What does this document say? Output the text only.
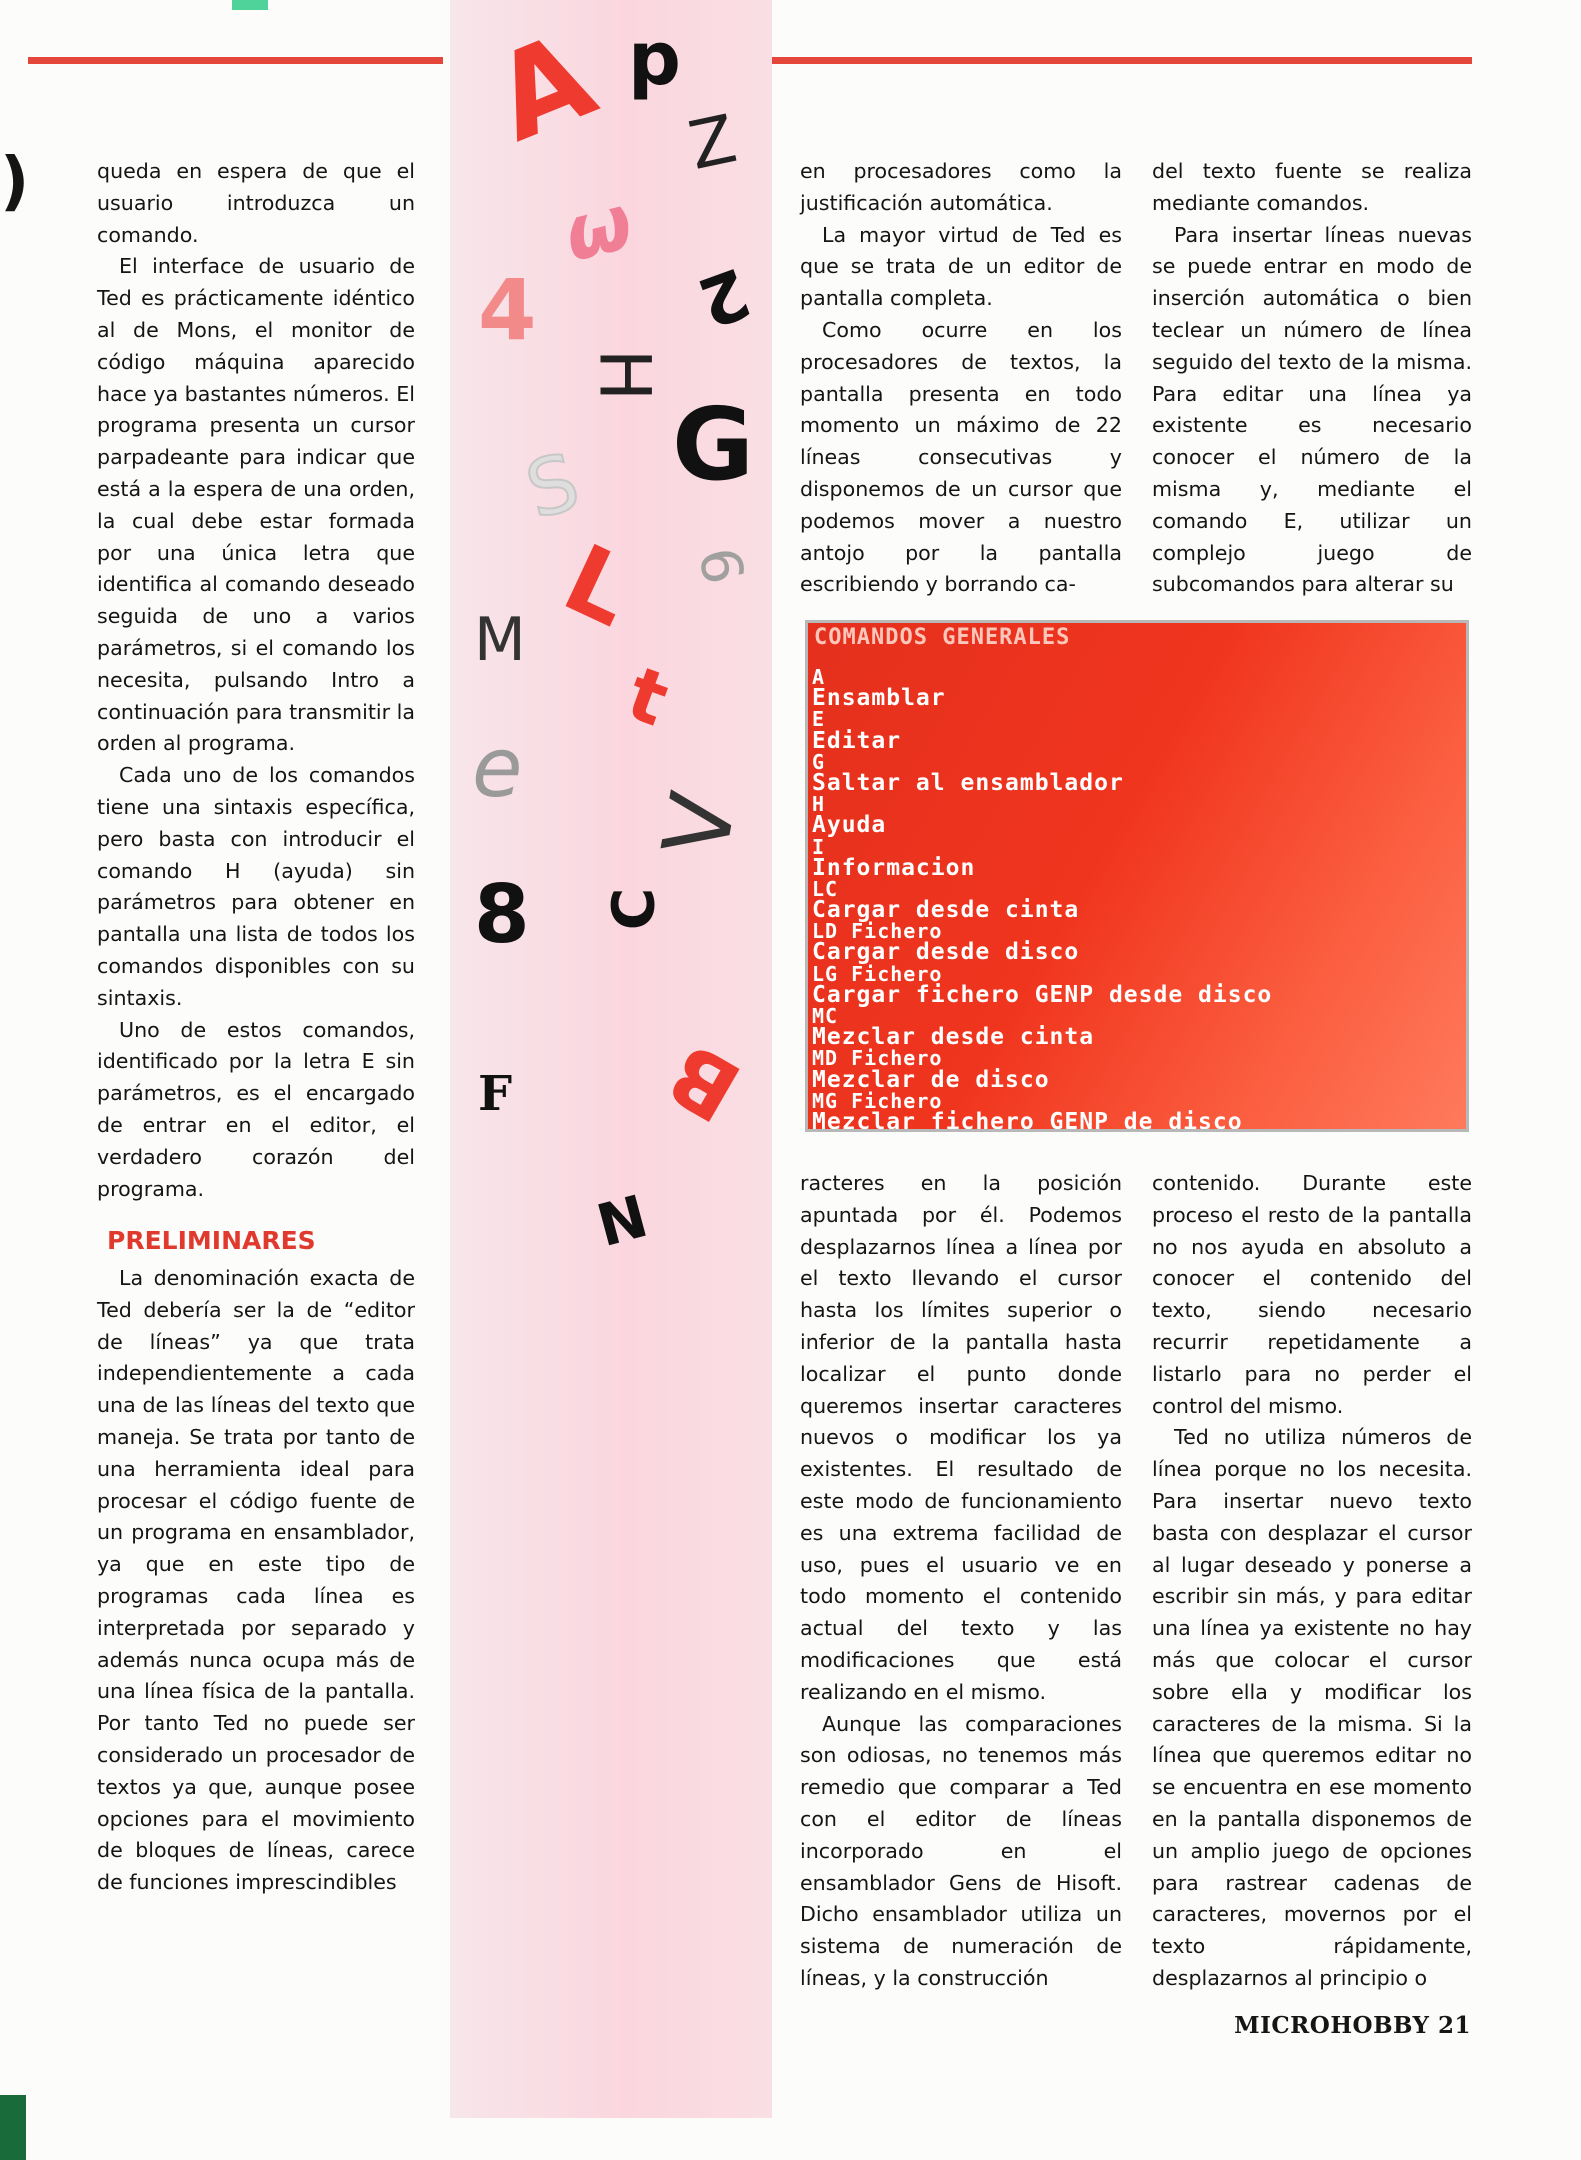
)
A p
Z
ω
4 2
H
G
S
L 6
M
t
e
V
8 C
F B
N

queda en espera de que el usuario introduzca un comando.

El interface de usuario de Ted es prácticamente idéntico al de Mons, el monitor de código máquina aparecido hace ya bastantes números. El programa presenta un cursor parpadeante para indicar que está a la espera de una orden, la cual debe estar formada por una única letra que identifica al comando deseado seguida de uno a varios parámetros, si el comando los necesita, pulsando Intro a continuación para transmitir la orden al programa.

Cada uno de los comandos tiene una sintaxis específica, pero basta con introducir el comando H (ayuda) sin parámetros para obtener en pantalla una lista de todos los comandos disponibles con su sintaxis.

Uno de estos comandos, identificado por la letra E sin parámetros, es el encargado de entrar en el editor, el verdadero corazón del programa.

PRELIMINARES

La denominación exacta de Ted debería ser la de “editor de líneas” ya que trata independientemente a cada una de las líneas del texto que maneja. Se trata por tanto de una herramienta ideal para procesar el código fuente de un programa en ensamblador, ya que en este tipo de programas cada línea es interpretada por separado y además nunca ocupa más de una línea física de la pantalla. Por tanto Ted no puede ser considerado un procesador de textos ya que, aunque posee opciones para el movimiento de bloques de líneas, carece de funciones imprescindibles

en procesadores como la justificación automática.

La mayor virtud de Ted es que se trata de un editor de pantalla completa.

Como ocurre en los procesadores de textos, la pantalla presenta en todo momento un máximo de 22 líneas consecutivas y disponemos de un cursor que podemos mover a nuestro antojo por la pantalla escribiendo y borrando ca-

del texto fuente se realiza mediante comandos.

Para insertar líneas nuevas se puede entrar en modo de inserción automática o bien teclear un número de línea seguido del texto de la misma. Para editar una línea ya existente es necesario conocer el número de la misma y, mediante el comando E, utilizar un complejo juego de subcomandos para alterar su

COMANDOS GENERALES
A
Ensamblar
E
Editar
G
Saltar al ensamblador
H
Ayuda
I
Informacion
LC
Cargar desde cinta
LD Fichero
Cargar desde disco
LG Fichero
Cargar fichero GENP desde disco
MC
Mezclar desde cinta
MD Fichero
Mezclar de disco
MG Fichero
Mezclar fichero GENP de disco

racteres en la posición apuntada por él. Podemos desplazarnos línea a línea por el texto llevando el cursor hasta los límites superior o inferior de la pantalla hasta localizar el punto donde queremos insertar caracteres nuevos o modificar los ya existentes. El resultado de este modo de funcionamiento es una extrema facilidad de uso, pues el usuario ve en todo momento el contenido actual del texto y las modificaciones que está realizando en el mismo.

Aunque las comparaciones son odiosas, no tenemos más remedio que comparar a Ted con el editor de líneas incorporado en el ensamblador Gens de Hisoft. Dicho ensamblador utiliza un sistema de numeración de líneas, y la construcción

contenido. Durante este proceso el resto de la pantalla no nos ayuda en absoluto a conocer el contenido del texto, siendo necesario recurrir repetidamente a listarlo para no perder el control del mismo.

Ted no utiliza números de línea porque no los necesita. Para insertar nuevo texto basta con desplazar el cursor al lugar deseado y ponerse a escribir sin más, y para editar una línea ya existente no hay más que colocar el cursor sobre ella y modificar los caracteres de la misma. Si la línea que queremos editar no se encuentra en ese momento en la pantalla disponemos de un amplio juego de opciones para rastrear cadenas de caracteres, movernos por el texto rápidamente, desplazarnos al principio o

MICROHOBBY 21
